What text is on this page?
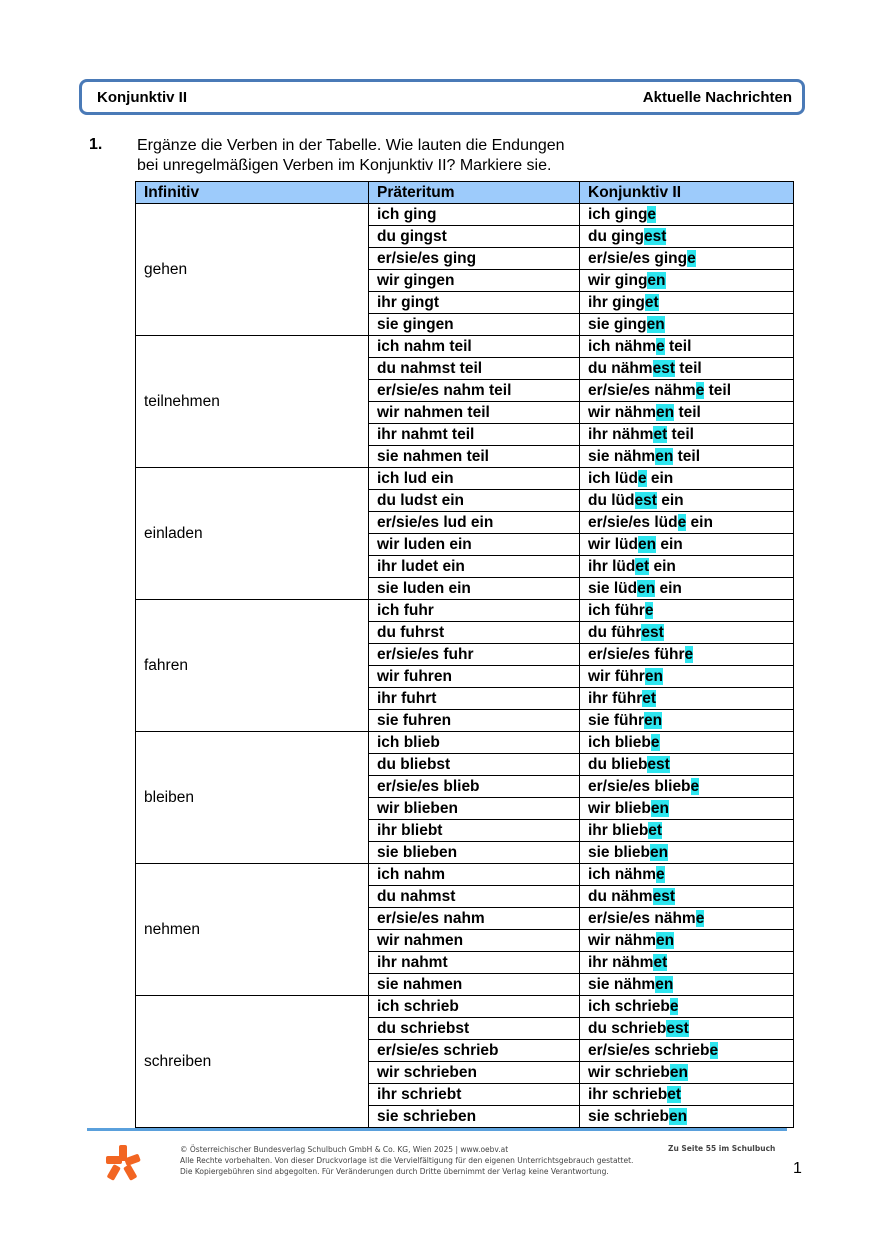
Konjunktiv II	Aktuelle Nachrichten
1. Ergänze die Verben in der Tabelle. Wie lauten die Endungen
bei unregelmäßigen Verben im Konjunktiv II? Markiere sie.
Infinitiv	Präteritum	Konjunktiv II
gehen	ich ging	ich ginge
	du gingst	du gingest
	er/sie/es ging	er/sie/es ginge
	wir gingen	wir gingen
	ihr gingt	ihr ginget
	sie gingen	sie gingen
teilnehmen	ich nahm teil	ich nähme teil
	du nahmst teil	du nähmest teil
	er/sie/es nahm teil	er/sie/es nähme teil
	wir nahmen teil	wir nähmen teil
	ihr nahmt teil	ihr nähmet teil
	sie nahmen teil	sie nähmen teil
einladen	ich lud ein	ich lüde ein
	du ludst ein	du lüdest ein
	er/sie/es lud ein	er/sie/es lüde ein
	wir luden ein	wir lüden ein
	ihr ludet ein	ihr lüdet ein
	sie luden ein	sie lüden ein
fahren	ich fuhr	ich führe
	du fuhrst	du führest
	er/sie/es fuhr	er/sie/es führe
	wir fuhren	wir führen
	ihr fuhrt	ihr führet
	sie fuhren	sie führen
bleiben	ich blieb	ich bliebe
	du bliebst	du bliebest
	er/sie/es blieb	er/sie/es bliebe
	wir blieben	wir blieben
	ihr bliebt	ihr bliebet
	sie blieben	sie blieben
nehmen	ich nahm	ich nähme
	du nahmst	du nähmest
	er/sie/es nahm	er/sie/es nähme
	wir nahmen	wir nähmen
	ihr nahmt	ihr nähmet
	sie nahmen	sie nähmen
schreiben	ich schrieb	ich schriebe
	du schriebst	du schriebest
	er/sie/es schrieb	er/sie/es schriebe
	wir schrieben	wir schrieben
	ihr schriebt	ihr schriebet
	sie schrieben	sie schrieben
© Österreichischer Bundesverlag Schulbuch GmbH & Co. KG, Wien 2025 | www.oebv.at
Alle Rechte vorbehalten. Von dieser Druckvorlage ist die Vervielfältigung für den eigenen Unterrichtsgebrauch gestattet.
Die Kopiergebühren sind abgegolten. Für Veränderungen durch Dritte übernimmt der Verlag keine Verantwortung.
Zu Seite 55 im Schulbuch
1
